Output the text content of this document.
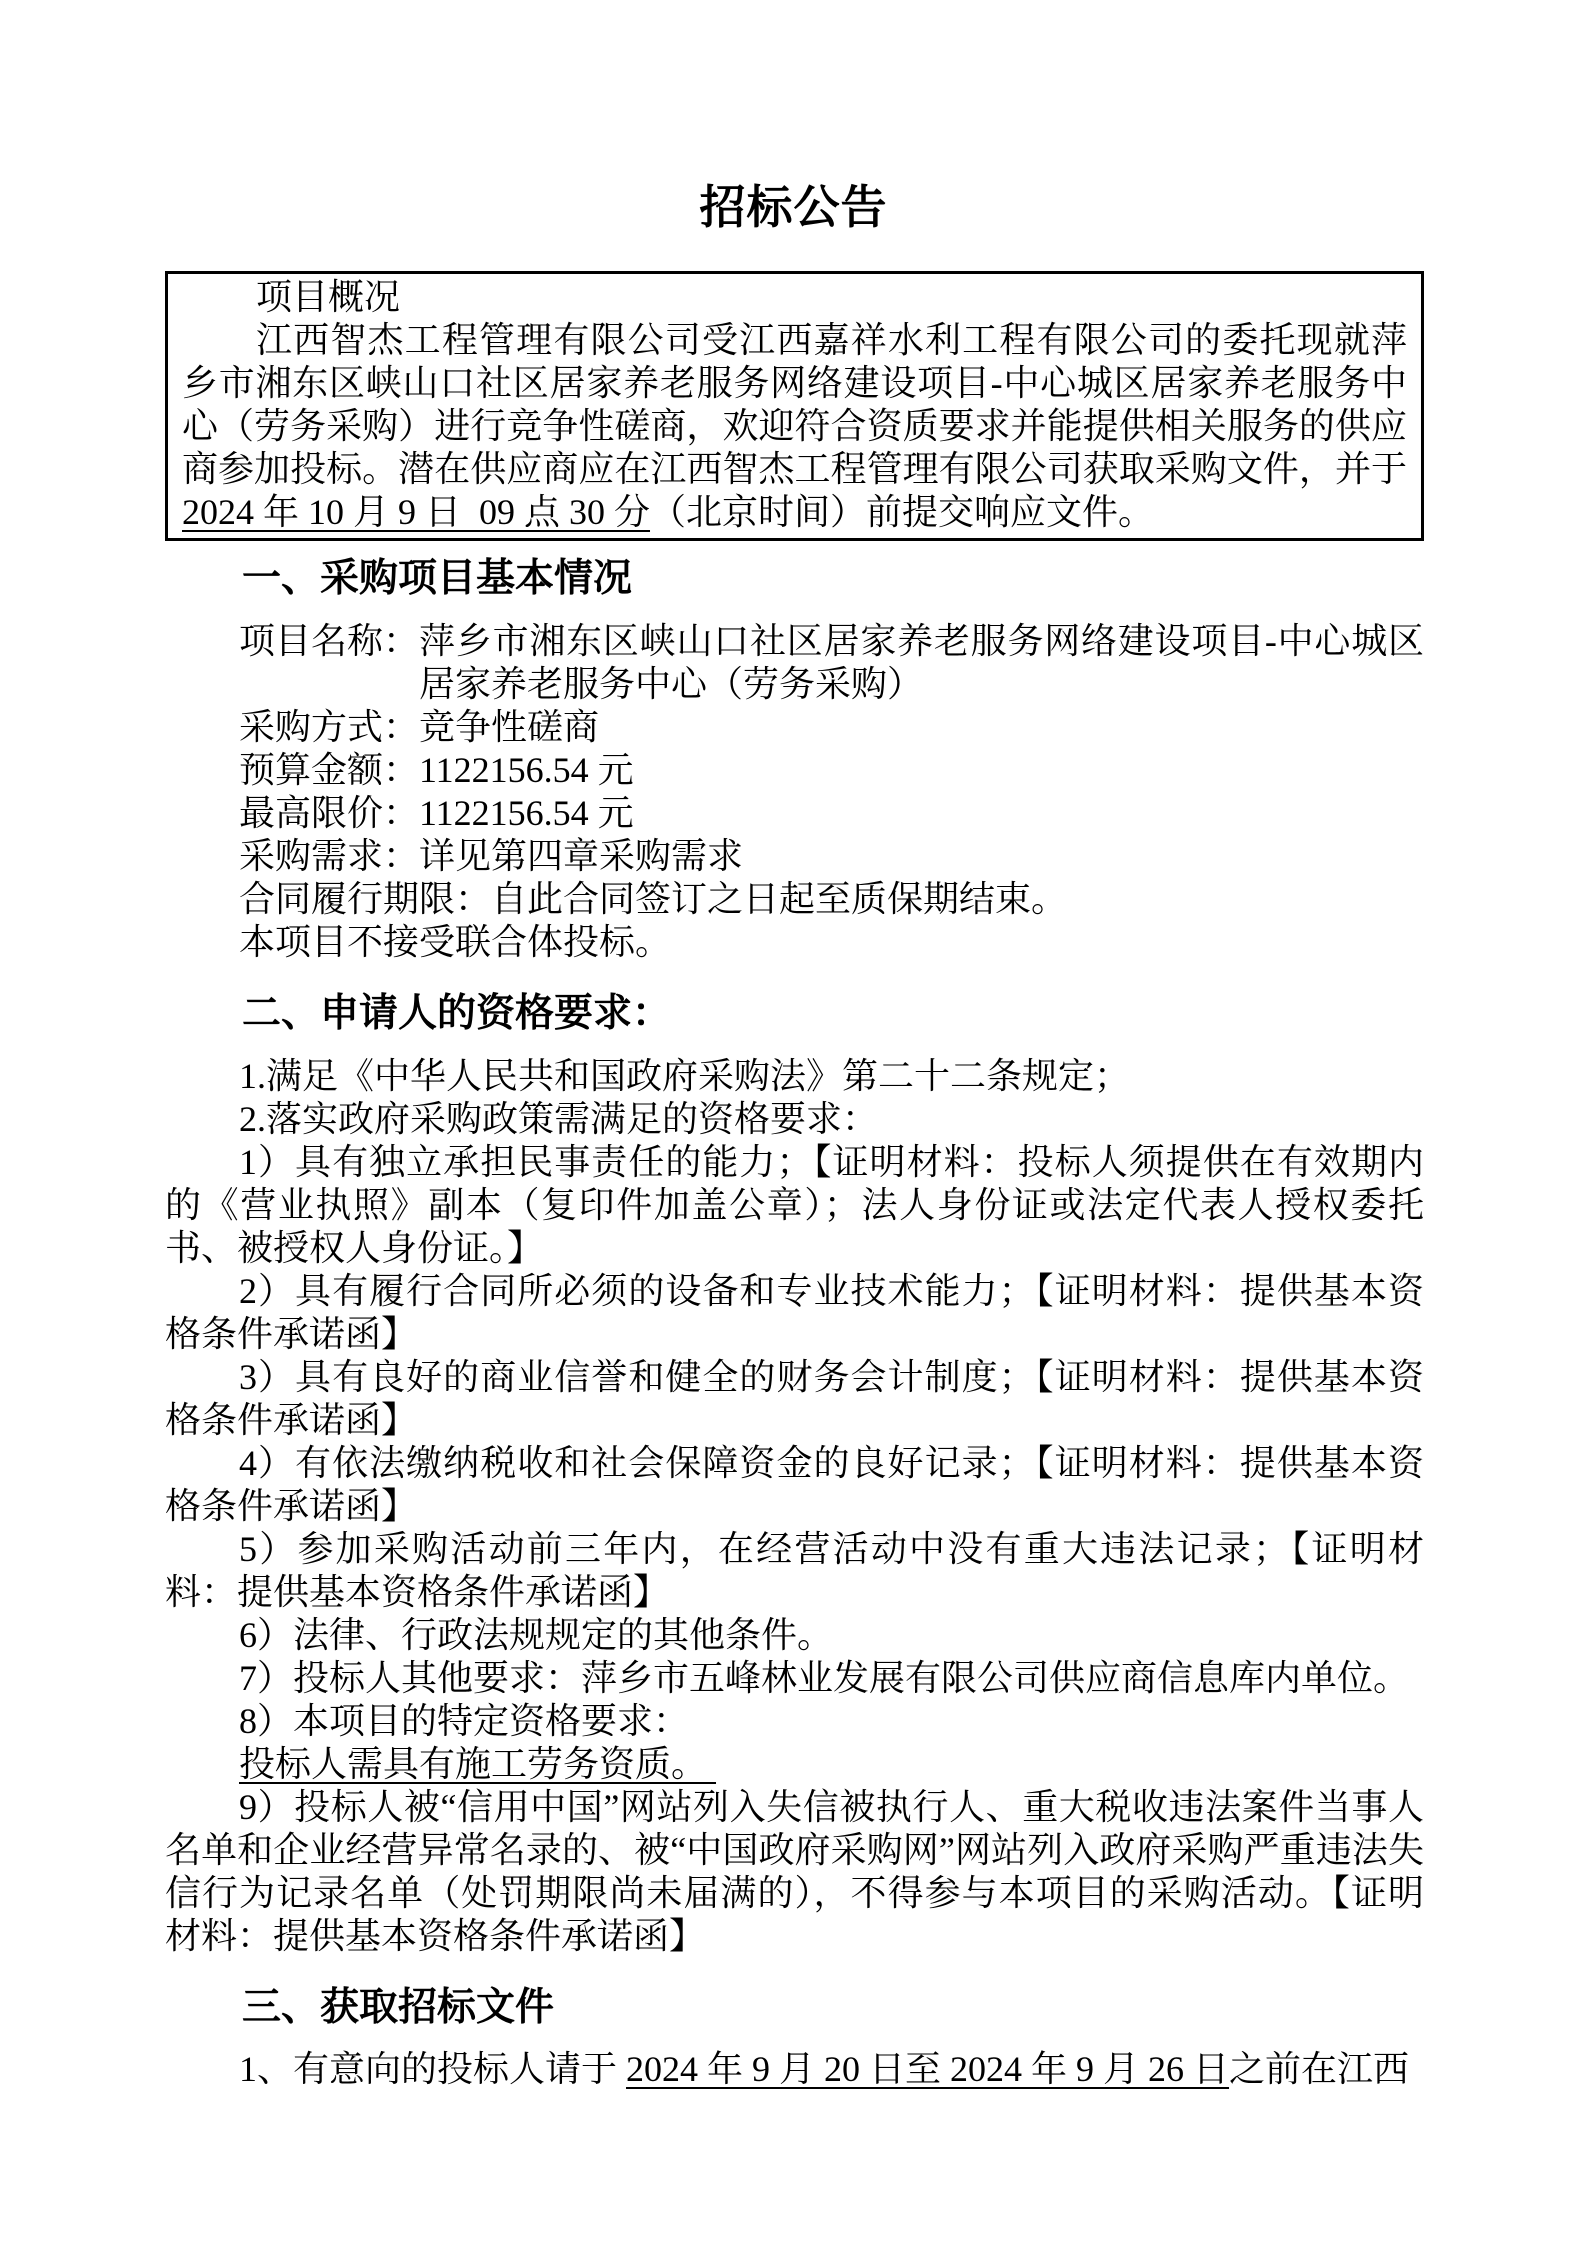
招标公告

项目概况

江西智杰工程管理有限公司受江西嘉祥水利工程有限公司的委托现就萍乡市湘东区峡山口社区居家养老服务网络建设项目-中心城区居家养老服务中心（劳务采购）进行竞争性磋商，欢迎符合资质要求并能提供相关服务的供应商参加投标。潜在供应商应在江西智杰工程管理有限公司获取采购文件，并于 2024 年 10 月 9 日  09 点 30 分（北京时间）前提交响应文件。

一、采购项目基本情况
项目名称： 萍乡市湘东区峡山口社区居家养老服务网络建设项目-中心城区居家养老服务中心（劳务采购）

采购方式：竞争性磋商

预算金额：1122156.54 元

最高限价：1122156.54 元

采购需求：详见第四章采购需求

合同履行期限：自此合同签订之日起至质保期结束。

本项目不接受联合体投标。

二、申请人的资格要求：

1.满足《中华人民共和国政府采购法》第二十二条规定；

2.落实政府采购政策需满足的资格要求：

1）具有独立承担民事责任的能力；【证明材料：投标人须提供在有效期内的《营业执照》副本（复印件加盖公章）；法人身份证或法定代表人授权委托书、被授权人身份证。】

2）具有履行合同所必须的设备和专业技术能力；【证明材料：提供基本资格条件承诺函】

3）具有良好的商业信誉和健全的财务会计制度；【证明材料：提供基本资格条件承诺函】

4）有依法缴纳税收和社会保障资金的良好记录；【证明材料：提供基本资格条件承诺函】

5）参加采购活动前三年内，在经营活动中没有重大违法记录；【证明材料：提供基本资格条件承诺函】

6）法律、行政法规规定的其他条件。

7）投标人其他要求：萍乡市五峰林业发展有限公司供应商信息库内单位。

8）本项目的特定资格要求：

投标人需具有施工劳务资质。

9）投标人被“信用中国”网站列入失信被执行人、重大税收违法案件当事人名单和企业经营异常名录的、被“中国政府采购网”网站列入政府采购严重违法失信行为记录名单（处罚期限尚未届满的），不得参与本项目的采购活动。【证明材料：提供基本资格条件承诺函】

三、获取招标文件

1、有意向的投标人请于 2024 年 9 月 20 日至 2024 年 9 月 26 日之前在江西
